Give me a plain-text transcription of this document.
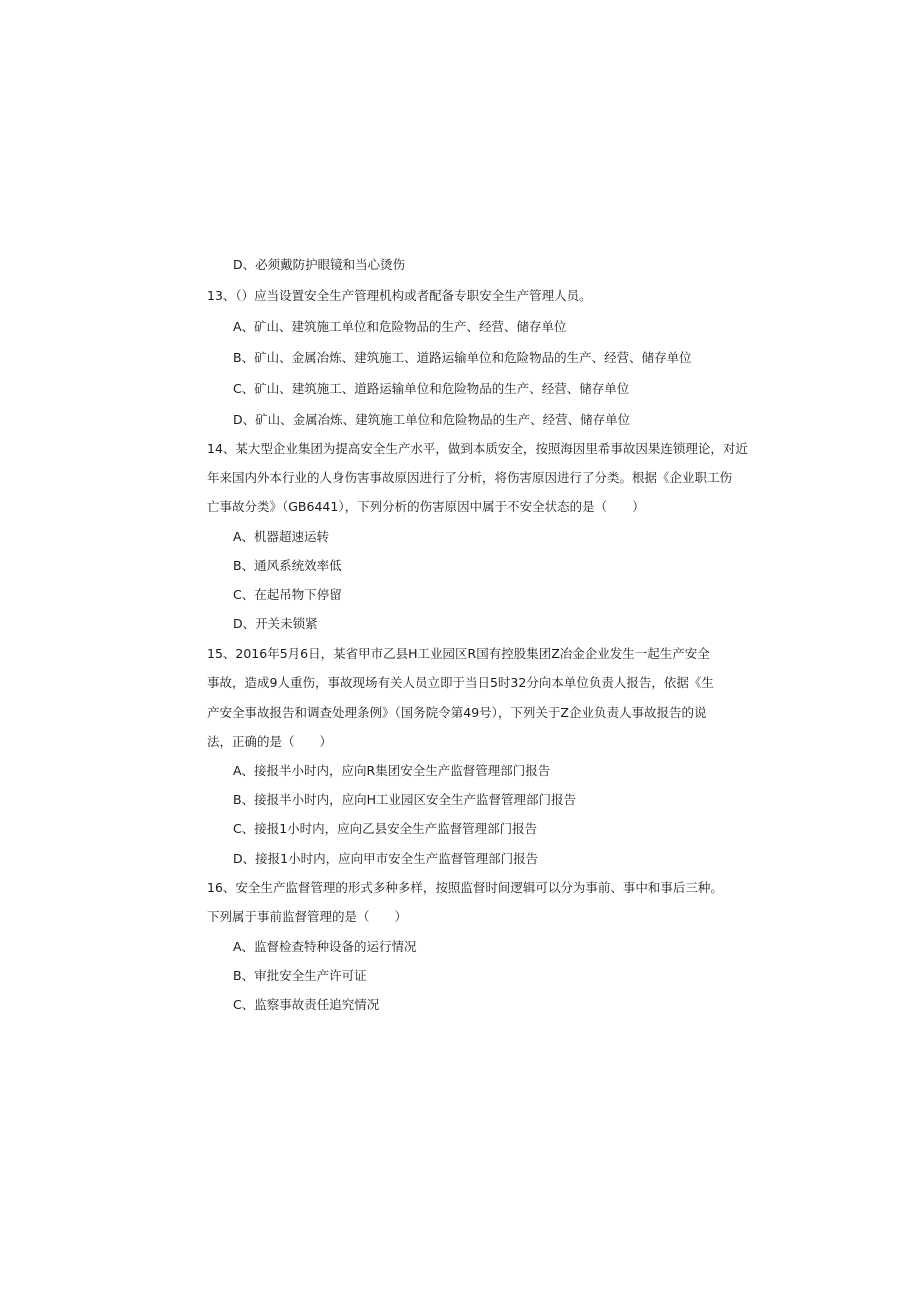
D、必须戴防护眼镜和当心烫伤
13、（）应当设置安全生产管理机构或者配备专职安全生产管理人员。
A、矿山、建筑施工单位和危险物品的生产、经营、储存单位
B、矿山、金属冶炼、建筑施工、道路运输单位和危险物品的生产、经营、储存单位
C、矿山、建筑施工、道路运输单位和危险物品的生产、经营、储存单位
D、矿山、金属冶炼、建筑施工单位和危险物品的生产、经营、储存单位
14、某大型企业集团为提高安全生产水平，做到本质安全，按照海因里希事故因果连锁理论，对近
年来国内外本行业的人身伤害事故原因进行了分析，将伤害原因进行了分类。根据《企业职工伤
亡事故分类》（GB6441），下列分析的伤害原因中属于不安全状态的是（　　）
A、机器超速运转
B、通风系统效率低
C、在起吊物下停留
D、开关未锁紧
15、2016年5月6日，某省甲市乙县H工业园区R国有控股集团Z冶金企业发生一起生产安全
事故，造成9人重伤，事故现场有关人员立即于当日5时32分向本单位负责人报告，依据《生
产安全事故报告和调查处理条例》（国务院令第49号），下列关于Z企业负责人事故报告的说
法，正确的是（　　）
A、接报半小时内，应向R集团安全生产监督管理部门报告
B、接报半小时内，应向H工业园区安全生产监督管理部门报告
C、接报1小时内，应向乙县安全生产监督管理部门报告
D、接报1小时内，应向甲市安全生产监督管理部门报告
16、安全生产监督管理的形式多种多样，按照监督时间逻辑可以分为事前、事中和事后三种。
下列属于事前监督管理的是（　　）
A、监督检查特种设备的运行情况
B、审批安全生产许可证
C、监察事故责任追究情况
